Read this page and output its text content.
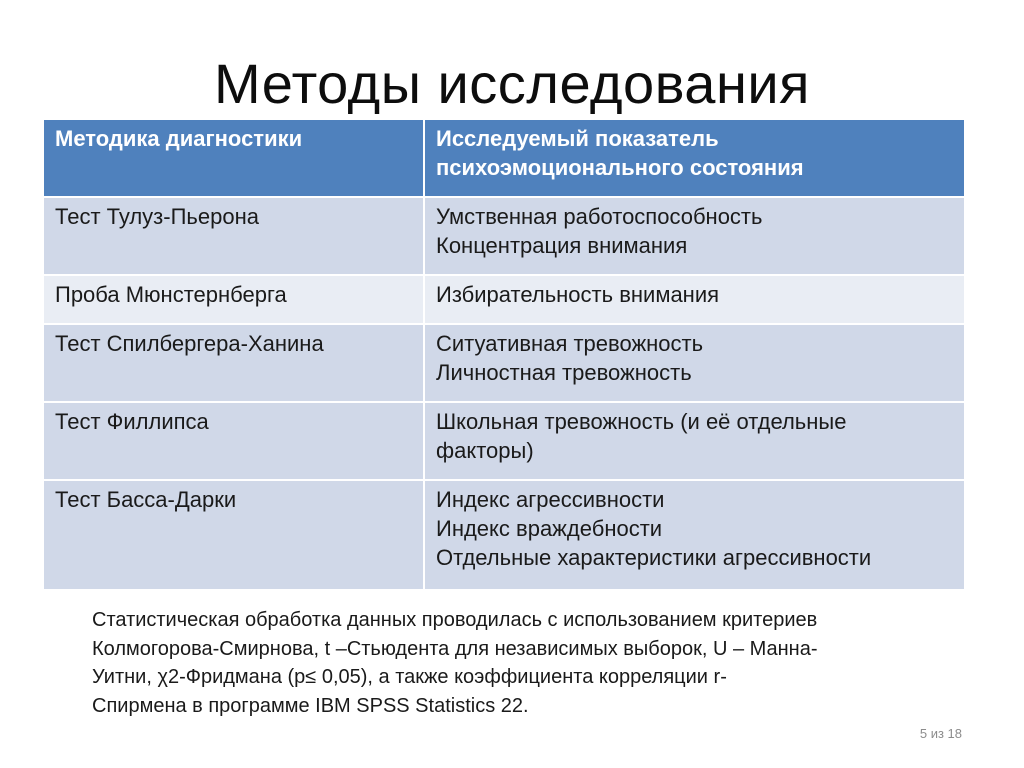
Методы исследования
Методика диагностики	Исследуемый показатель
психоэмоционального состояния

Тест Тулуз-Пьерона	Умственная работоспособность
Концентрация внимания

Проба Мюнстернберга	Избирательность внимания

Тест Спилбергера-Ханина	Ситуативная тревожность
Личностная тревожность

Тест Филлипса	Школьная тревожность (и её отдельные
факторы)

Тест Басса-Дарки	Индекс агрессивности
Индекс враждебности
Отдельные характеристики агрессивности
Статистическая обработка данных проводилась с использованием критериев
Колмогорова-Смирнова, t –Стьюдента для независимых выборок, U – Манна-
Уитни, χ2-Фридмана (р≤ 0,05), а также коэффициента корреляции r-
Спирмена в программе IBM SPSS Statistics 22.
5 из 18
